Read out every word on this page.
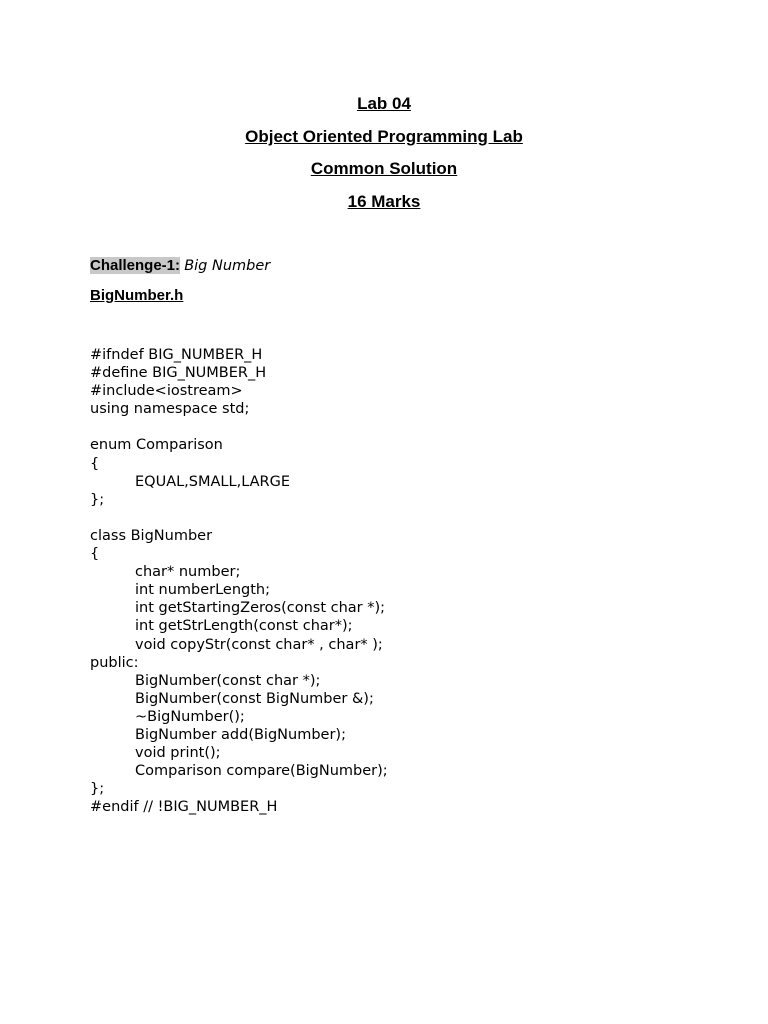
Lab 04
Object Oriented Programming Lab
Common Solution
16 Marks
Challenge-1: Big Number
BigNumber.h
#ifndef BIG_NUMBER_H
#define BIG_NUMBER_H
#include<iostream>
using namespace std;
enum Comparison
{
EQUAL,SMALL,LARGE
};
class BigNumber
{
char* number;
int numberLength;
int getStartingZeros(const char *);
int getStrLength(const char*);
void copyStr(const char* , char* );
public:
BigNumber(const char *);
BigNumber(const BigNumber &);
~BigNumber();
BigNumber add(BigNumber);
void print();
Comparison compare(BigNumber);
};
#endif // !BIG_NUMBER_H
